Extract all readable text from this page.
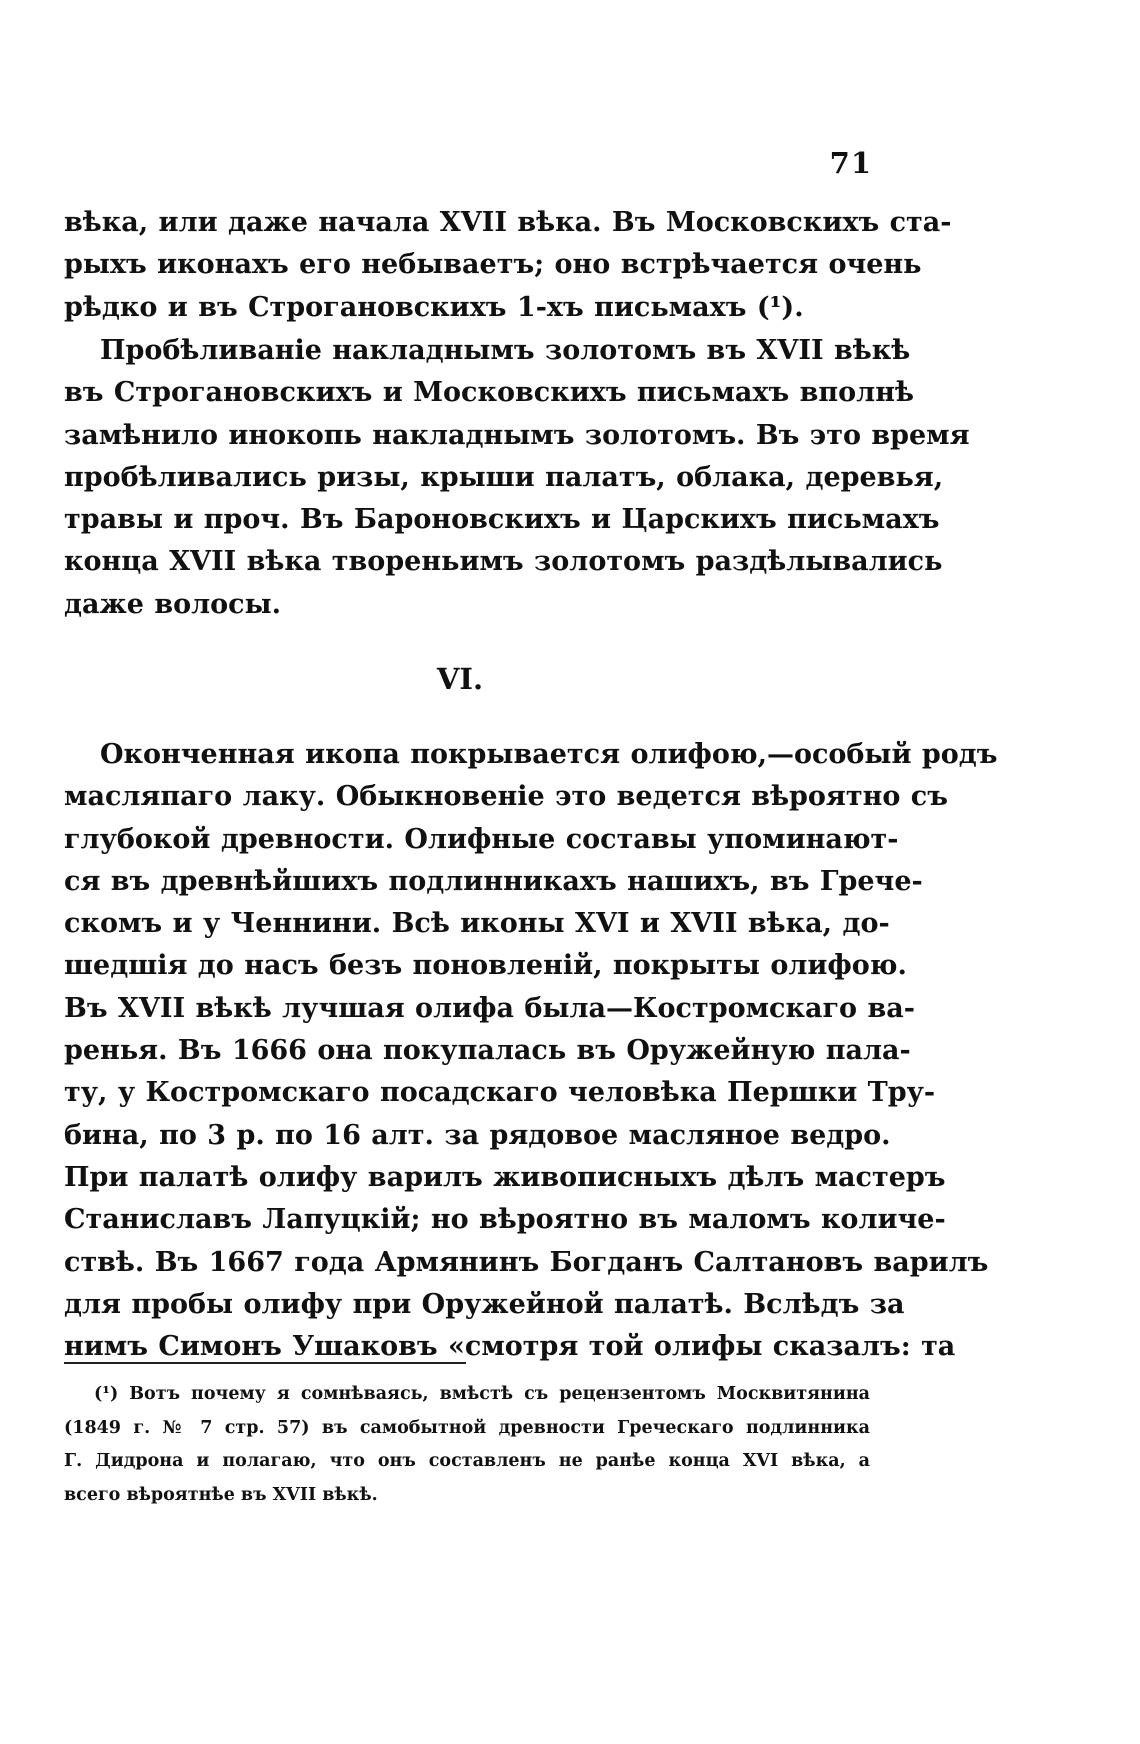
71
вѣка, или даже начала XVII вѣка. Въ Московскихъ ста-
рыхъ иконахъ его небываетъ; оно встрѣчается очень
рѣдко и въ Строгановскихъ 1-хъ письмахъ (¹).
Пробѣливаніе накладнымъ золотомъ въ XVII вѣкѣ
въ Строгановскихъ и Московскихъ письмахъ вполнѣ
замѣнило инокопь накладнымъ золотомъ. Въ это время
пробѣливались ризы, крыши палатъ, облака, деревья,
травы и проч. Въ Бароновскихъ и Царскихъ письмахъ
конца XVII вѣка твореньимъ золотомъ раздѣлывались
даже волосы.
VI.
Оконченная икопа покрывается олифою,—особый родъ
масляпаго лаку. Обыкновеніе это ведется вѣроятно съ
глубокой древности. Олифные составы упоминают-
ся въ древнѣйшихъ подлинникахъ нашихъ, въ Грече-
скомъ и у Ченнини. Всѣ иконы XVI и XVII вѣка, до-
шедшія до насъ безъ поновленій, покрыты олифою.
Въ XVII вѣкѣ лучшая олифа была—Костромскаго ва-
ренья. Въ 1666 она покупалась въ Оружейную пала-
ту, у Костромскаго посадскаго человѣка Першки Тру-
бина, по 3 р. по 16 алт. за рядовое масляное ведро.
При палатѣ олифу варилъ живописныхъ дѣлъ мастеръ
Станиславъ Лапуцкій; но вѣроятно въ маломъ количе-
ствѣ. Въ 1667 года Армянинъ Богданъ Салтановъ варилъ
для пробы олифу при Оружейной палатѣ. Вслѣдъ за
нимъ Симонъ Ушаковъ «смотря той олифы сказалъ: та
(¹) Вотъ почему я сомнѣваясь, вмѣстѣ съ рецензентомъ Москвитянина
(1849 г. № 7 стр. 57) въ самобытной древности Греческаго подлинника
Г. Дидрона и полагаю, что онъ составленъ не ранѣе конца XVI вѣка, а
всего вѣроятнѣе въ XVII вѣкѣ.
